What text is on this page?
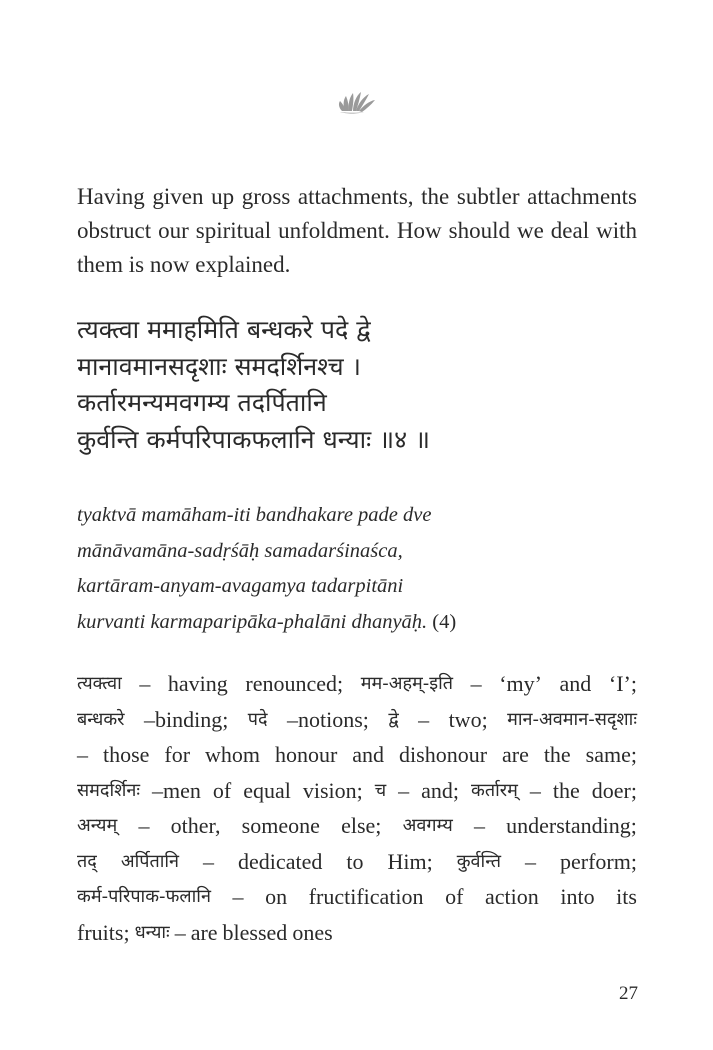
Having given up gross attachments, the subtler attachments obstruct our spiritual unfoldment. How should we deal with them is now explained.

त्यक्त्वा ममाहमिति बन्धकरे पदे द्वे
मानावमानसदृशाः समदर्शिनश्च ।
कर्तारमन्यमवगम्य तदर्पितानि
कुर्वन्ति कर्मपरिपाकफलानि धन्याः ॥४ ॥
tyaktvā mamāham-iti bandhakare pade dve
mānāvamāna-sadṛśāḥ samadarśinaśca,
kartāram-anyam-avagamya tadarpitāni
kurvanti karmaparipāka-phalāni dhanyāḥ. (4)
त्यक्त्वा – having renounced; मम-अहम्-इति – ‘my’ and ‘I’;
बन्धकरे –binding; पदे –notions; द्वे – two; मान-अवमान-सदृशाः
– those for whom honour and dishonour are the same;
समदर्शिनः –men of equal vision; च – and; कर्तारम् – the doer;
अन्यम् – other, someone else; अवगम्य – understanding;
तद् अर्पितानि – dedicated to Him; कुर्वन्ति – perform;
कर्म-परिपाक-फलानि – on fructification of action into its
fruits; धन्याः – are blessed ones
27
